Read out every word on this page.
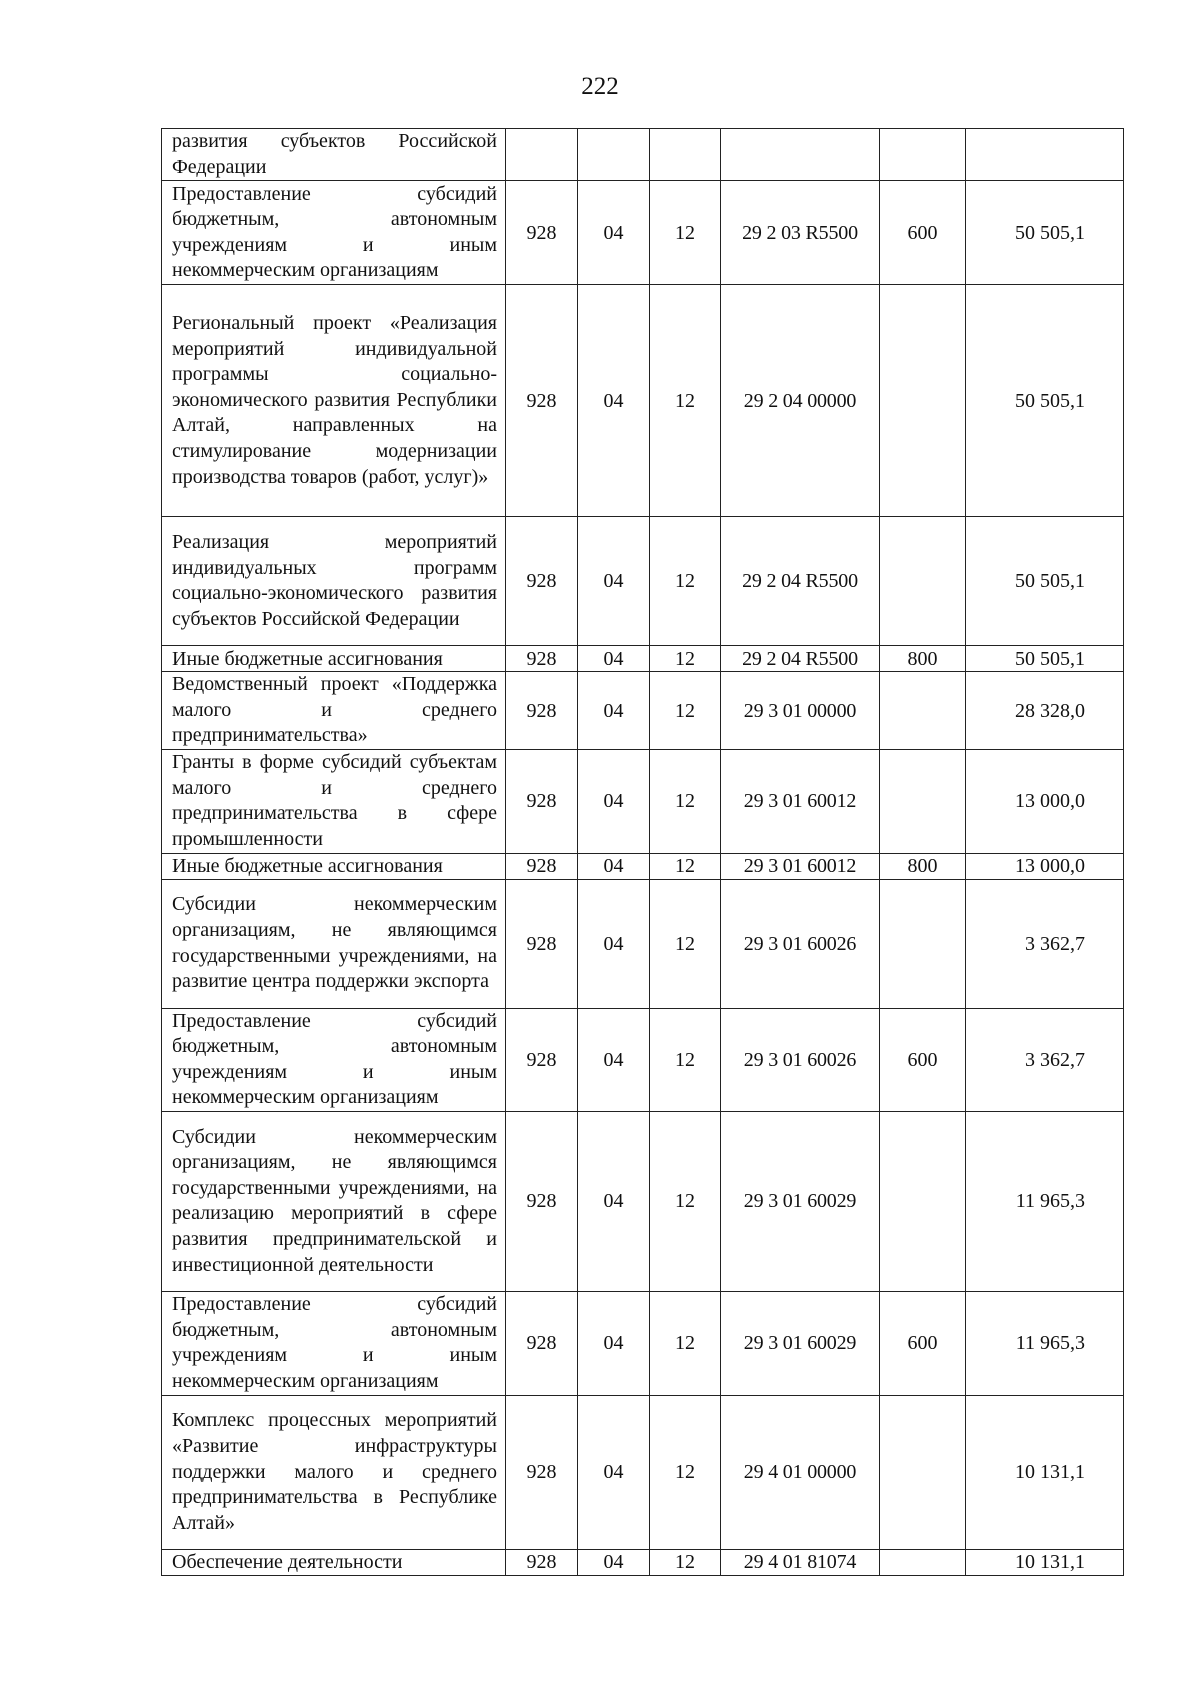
222
развития субъектов Российской Федерации						
Предоставление субсидий бюджетным, автономным учреждениям и иным некоммерческим организациям	928	04	12	29 2 03 R5500	600	50 505,1
Региональный проект «Реализация мероприятий индивидуальной программы социально-экономического развития Республики Алтай, направленных на стимулирование модернизации производства товаров (работ, услуг)»	928	04	12	29 2 04 00000		50 505,1
Реализация мероприятий индивидуальных программ социально-экономического развития субъектов Российской Федерации	928	04	12	29 2 04 R5500		50 505,1
Иные бюджетные ассигнования	928	04	12	29 2 04 R5500	800	50 505,1
Ведомственный проект «Поддержка малого и среднего предпринимательства»	928	04	12	29 3 01 00000		28 328,0
Гранты в форме субсидий субъектам малого и среднего предпринимательства в сфере промышленности	928	04	12	29 3 01 60012		13 000,0
Иные бюджетные ассигнования	928	04	12	29 3 01 60012	800	13 000,0
Субсидии некоммерческим организациям, не являющимся государственными учреждениями, на развитие центра поддержки экспорта	928	04	12	29 3 01 60026		3 362,7
Предоставление субсидий бюджетным, автономным учреждениям и иным некоммерческим организациям	928	04	12	29 3 01 60026	600	3 362,7
Субсидии некоммерческим организациям, не являющимся государственными учреждениями, на реализацию мероприятий в сфере развития предпринимательской и инвестиционной деятельности	928	04	12	29 3 01 60029		11 965,3
Предоставление субсидий бюджетным, автономным учреждениям и иным некоммерческим организациям	928	04	12	29 3 01 60029	600	11 965,3
Комплекс процессных мероприятий «Развитие инфраструктуры поддержки малого и среднего предпринимательства в Республике Алтай»	928	04	12	29 4 01 00000		10 131,1
Обеспечение деятельности	928	04	12	29 4 01 81074		10 131,1
